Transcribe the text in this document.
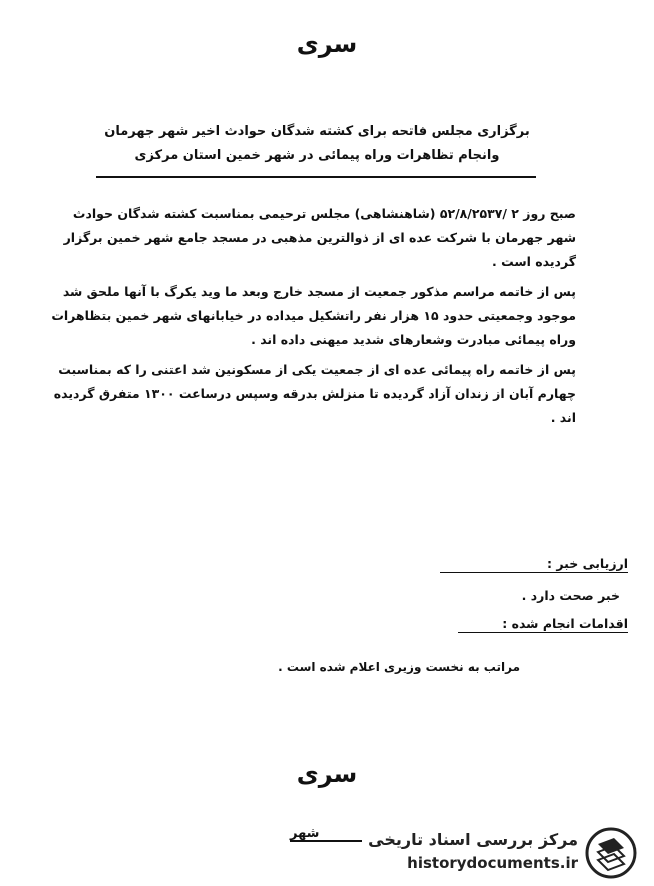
سری
برگزاری مجلس فاتحه برای کشته شدگان حوادث اخیر شهر جهرمان
وانجام تظاهرات وراه پیمائی در شهر خمین استان مرکزی

صبح روز ۲ /۵۲/۸/۲۵۳۷ (شاهنشاهی) مجلس ترحیمی بمناسبت کشته شدگان حوادث شهر جهرمان با شرکت عده ای از ذوالترین مذهبی در مسجد جامع شهر خمین برگزار گردیده است .

پس از خاتمه مراسم مذکور جمعیت از مسجد خارج وبعد ما وید یکرگ با آنها ملحق شد موجود وجمعیتی حدود ۱۵ هزار نفر راتشکیل میداده در خیابانهای شهر خمین بتظاهرات وراه پیمائی مبادرت وشعارهای شدید میهنی داده اند .

پس از خاتمه راه پیمائی عده ای از جمعیت یکی از مسکونین شد اعتنی را که بمناسبت چهارم آبان از زندان آزاد گردیده تا منزلش بدرقه وسپس درساعت ۱۳۰۰ متفرق گردیده اند .

ارزیابی خبر :
خبر صحت دارد .
اقدامات انجام شده :
مراتب به نخست وزیری اعلام شده است .
سری
شهر	مرکز بررسی اسناد تاریخی
historydocuments.ir
